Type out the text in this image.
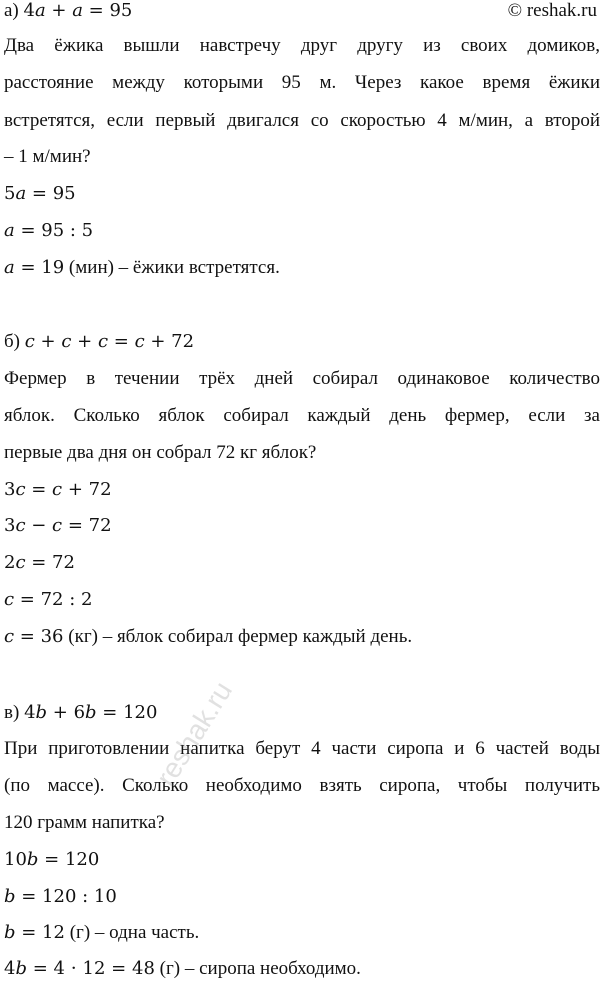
© reshak.ru
а) 4𝑎 + 𝑎 = 95
Два ёжика вышли навстречу друг другу из своих домиков,
расстояние между которыми 95 м. Через какое время ёжики
встретятся, если первый двигался со скоростью 4 м/мин, а второй
– 1 м/мин?
5𝑎 = 95
𝑎 = 95 : 5
𝑎 = 19 (мин) – ёжики встретятся.
б) 𝑐 + 𝑐 + 𝑐 = 𝑐 + 72
Фермер в течении трёх дней собирал одинаковое количество
яблок. Сколько яблок собирал каждый день фермер, если за
первые два дня он собрал 72 кг яблок?
3𝑐 = 𝑐 + 72
3𝑐 − 𝑐 = 72
2𝑐 = 72
𝑐 = 72 : 2
𝑐 = 36 (кг) – яблок собирал фермер каждый день.
в) 4𝑏 + 6𝑏 = 120
При приготовлении напитка берут 4 части сиропа и 6 частей воды
(по массе). Сколько необходимо взять сиропа, чтобы получить
120 грамм напитка?
10𝑏 = 120
𝑏 = 120 : 10
𝑏 = 12 (г) – одна часть.
4𝑏 = 4 ⋅ 12 = 48 (г) – сиропа необходимо.
reshak.ru
